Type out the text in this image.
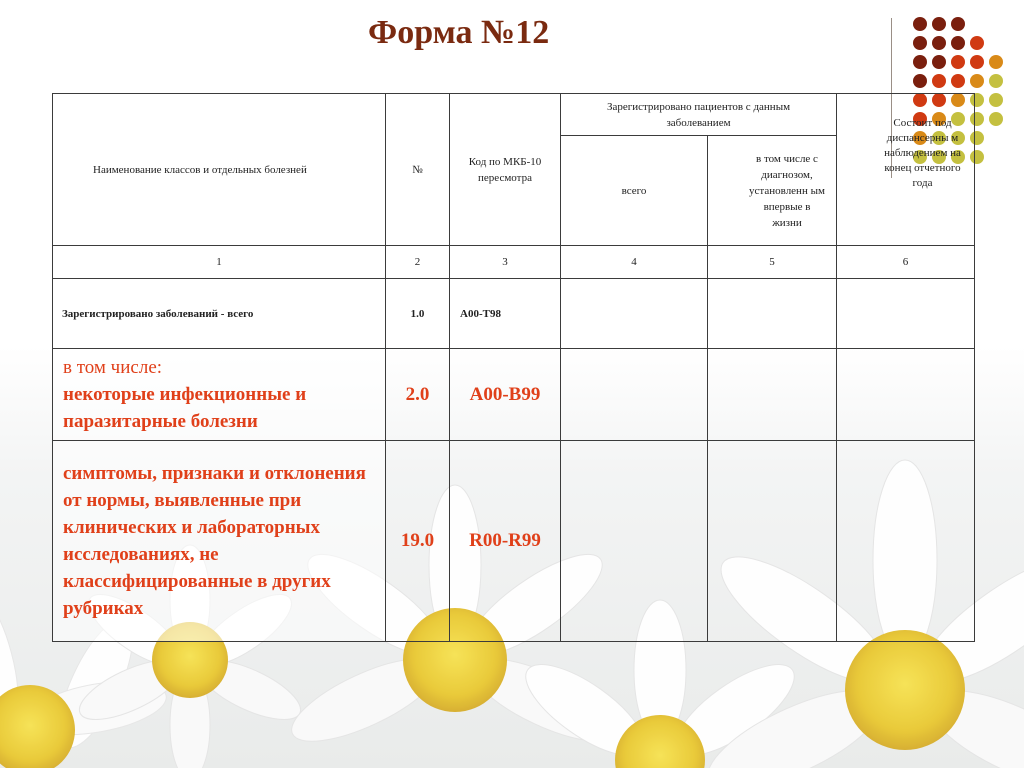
Форма №12
Наименование классов и отдельных болезней	№	Код по МКБ-10 пересмотра	Зарегистрировано пациентов с данным заболеванием		Состоит под диспансерны м наблюдением на конец отчетного года
			всего	в том числе с диагнозом, установленн ым впервые в жизни	
1	2	3	4	5	6
Зарегистрировано заболеваний - всего	1.0	A00-T98			

в том числе:
некоторые инфекционные и паразитарные болезни	2.0	A00-B99			
симптомы, признаки и отклонения от нормы, выявленные при клинических и лабораторных исследованиях, не классифицированные в других рубриках	19.0	R00-R99			
